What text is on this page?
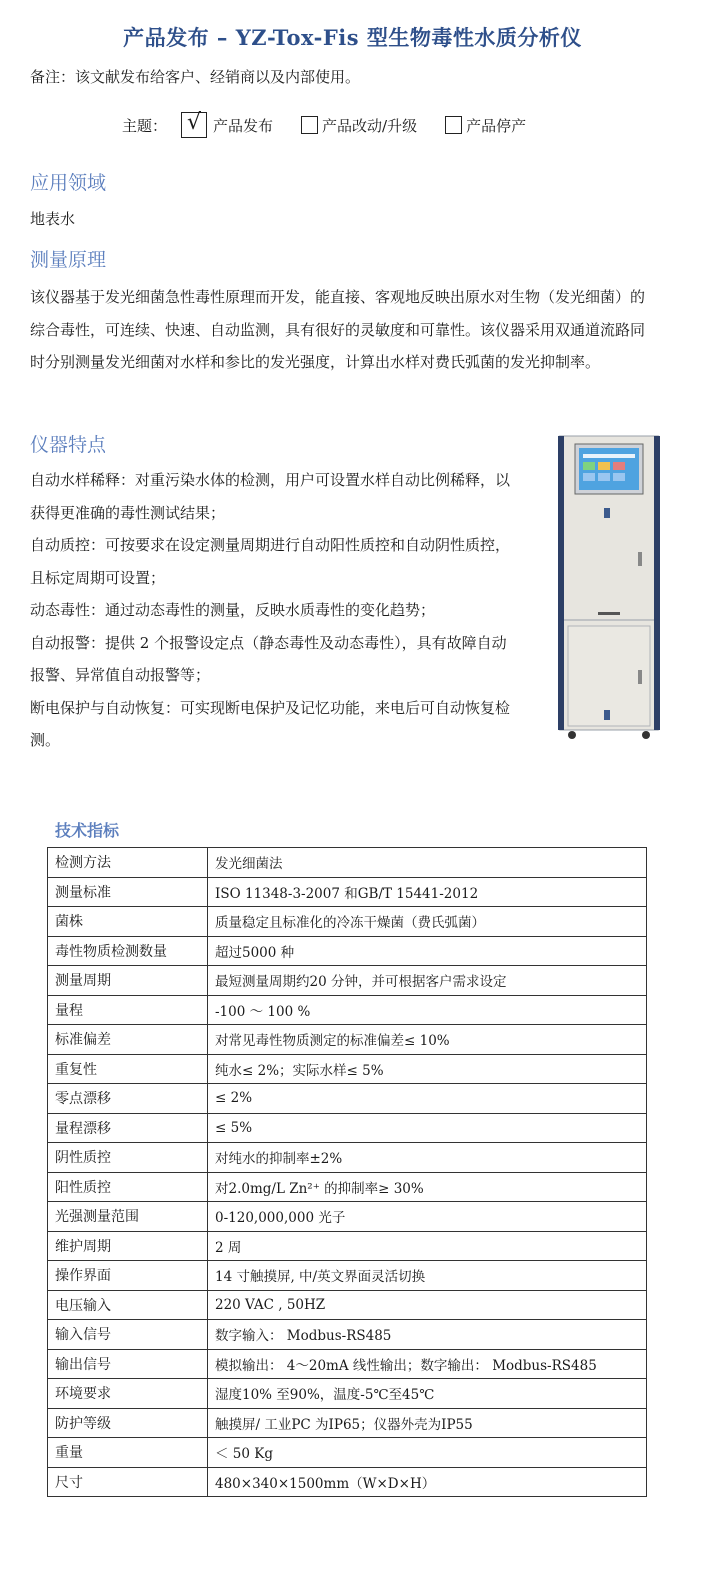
产品发布 – YZ-Tox-Fis 型生物毒性水质分析仪
备注：该文献发布给客户、经销商以及内部使用。
主题： √ 产品发布	产品改动/升级	产品停产
应用领域
地表水
测量原理
该仪器基于发光细菌急性毒性原理而开发，能直接、客观地反映出原水对生物（发光细菌）的综合毒性，可连续、快速、自动监测，具有很好的灵敏度和可靠性。该仪器采用双通道流路同时分别测量发光细菌对水样和参比的发光强度，计算出水样对费氏弧菌的发光抑制率。
仪器特点
自动水样稀释：对重污染水体的检测，用户可设置水样自动比例稀释，以获得更准确的毒性测试结果；
自动质控：可按要求在设定测量周期进行自动阳性质控和自动阴性质控，且标定周期可设置；
动态毒性：通过动态毒性的测量，反映水质毒性的变化趋势；
自动报警：提供 2 个报警设定点（静态毒性及动态毒性），具有故障自动报警、异常值自动报警等；
断电保护与自动恢复：可实现断电保护及记忆功能，来电后可自动恢复检测。
技术指标
检测方法	发光细菌法
测量标准	ISO 11348-3-2007 和GB/T 15441-2012
菌株	质量稳定且标准化的冷冻干燥菌（费氏弧菌）
毒性物质检测数量	超过5000 种
测量周期	最短测量周期约20 分钟，并可根据客户需求设定
量程	-100 ～ 100 %
标准偏差	对常见毒性物质测定的标准偏差≤ 10%
重复性	纯水≤ 2%；实际水样≤ 5%
零点漂移	≤ 2%
量程漂移	≤ 5%
阴性质控	对纯水的抑制率±2%
阳性质控	对2.0mg/L Zn²⁺ 的抑制率≥ 30%
光强测量范围	0-120,000,000 光子
维护周期	2 周
操作界面	14 寸触摸屏, 中/英文界面灵活切换
电压输入	220 VAC , 50HZ
输入信号	数字输入： Modbus-RS485
输出信号	模拟输出： 4～20mA 线性输出；数字输出： Modbus-RS485
环境要求	湿度10% 至90%，温度-5℃至45℃
防护等级	触摸屏/ 工业PC 为IP65；仪器外壳为IP55
重量	＜ 50 Kg
尺寸	480×340×1500mm（W×D×H）
